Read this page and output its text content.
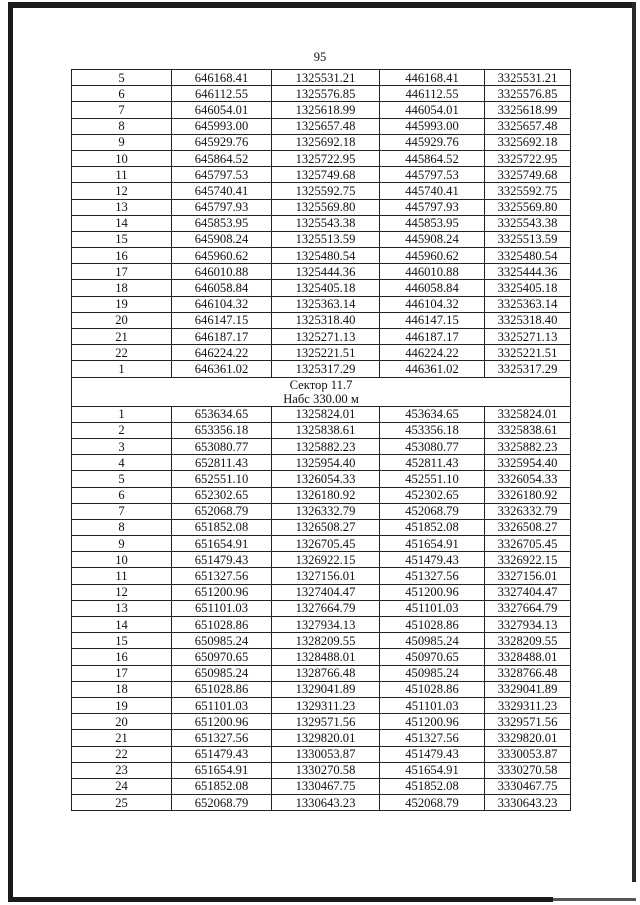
95
5	646168.41	1325531.21	446168.41	3325531.21
6	646112.55	1325576.85	446112.55	3325576.85
7	646054.01	1325618.99	446054.01	3325618.99
8	645993.00	1325657.48	445993.00	3325657.48
9	645929.76	1325692.18	445929.76	3325692.18
10	645864.52	1325722.95	445864.52	3325722.95
11	645797.53	1325749.68	445797.53	3325749.68
12	645740.41	1325592.75	445740.41	3325592.75
13	645797.93	1325569.80	445797.93	3325569.80
14	645853.95	1325543.38	445853.95	3325543.38
15	645908.24	1325513.59	445908.24	3325513.59
16	645960.62	1325480.54	445960.62	3325480.54
17	646010.88	1325444.36	446010.88	3325444.36
18	646058.84	1325405.18	446058.84	3325405.18
19	646104.32	1325363.14	446104.32	3325363.14
20	646147.15	1325318.40	446147.15	3325318.40
21	646187.17	1325271.13	446187.17	3325271.13
22	646224.22	1325221.51	446224.22	3325221.51
1	646361.02	1325317.29	446361.02	3325317.29

Сектор 11.7
Набс 330.00 м				

1	653634.65	1325824.01	453634.65	3325824.01
2	653356.18	1325838.61	453356.18	3325838.61
3	653080.77	1325882.23	453080.77	3325882.23
4	652811.43	1325954.40	452811.43	3325954.40
5	652551.10	1326054.33	452551.10	3326054.33
6	652302.65	1326180.92	452302.65	3326180.92
7	652068.79	1326332.79	452068.79	3326332.79
8	651852.08	1326508.27	451852.08	3326508.27
9	651654.91	1326705.45	451654.91	3326705.45
10	651479.43	1326922.15	451479.43	3326922.15
11	651327.56	1327156.01	451327.56	3327156.01
12	651200.96	1327404.47	451200.96	3327404.47
13	651101.03	1327664.79	451101.03	3327664.79
14	651028.86	1327934.13	451028.86	3327934.13
15	650985.24	1328209.55	450985.24	3328209.55
16	650970.65	1328488.01	450970.65	3328488.01
17	650985.24	1328766.48	450985.24	3328766.48
18	651028.86	1329041.89	451028.86	3329041.89
19	651101.03	1329311.23	451101.03	3329311.23
20	651200.96	1329571.56	451200.96	3329571.56
21	651327.56	1329820.01	451327.56	3329820.01
22	651479.43	1330053.87	451479.43	3330053.87
23	651654.91	1330270.58	451654.91	3330270.58
24	651852.08	1330467.75	451852.08	3330467.75
25	652068.79	1330643.23	452068.79	3330643.23
